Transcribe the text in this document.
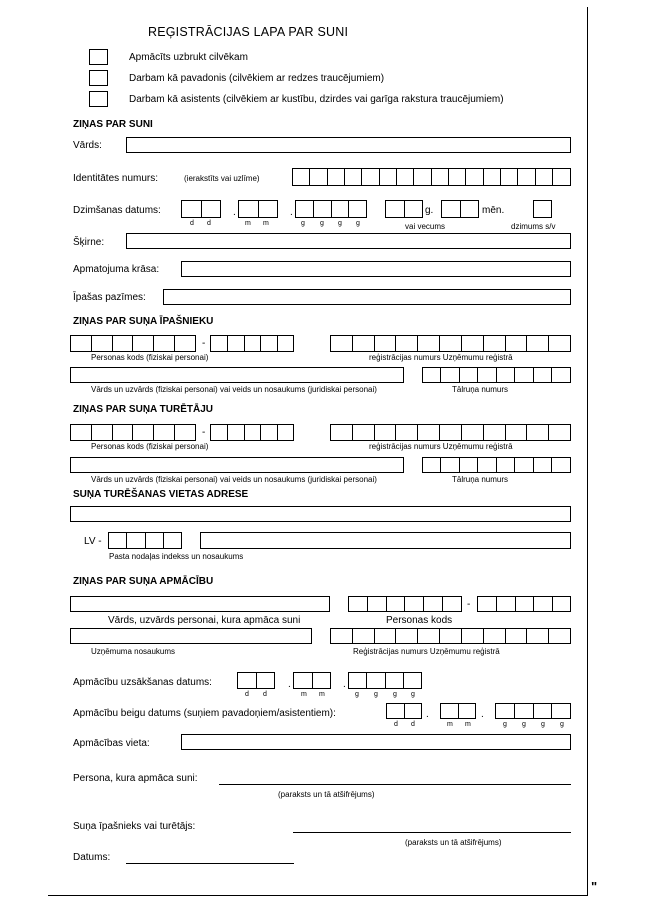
REĢISTRĀCIJAS LAPA PAR SUNI
Apmācīts uzbrukt cilvēkam
Darbam kā pavadonis (cilvēkiem ar redzes traucējumiem)
Darbam kā asistents (cilvēkiem ar kustību, dzirdes vai garīga rakstura traucējumiem)
ZIŅAS PAR SUNI
Vārds:
Identitātes numurs:	(ierakstīts vai uzlīme)
Dzimšanas datums:	.	.
d d	m m	g g g g
g.	mēn.
vai vecums	dzimums s/v
Šķirne:
Apmatojuma krāsa:
Īpašas pazīmes:
ZIŅAS PAR SUŅA ĪPAŠNIEKU
-
Personas kods (fiziskai personai)	reģistrācijas numurs Uzņēmumu reģistrā
Vārds un uzvārds (fiziskai personai) vai veids un nosaukums (juridiskai personai)	Tālruņa numurs
ZIŅAS PAR SUŅA TURĒTĀJU
-
Personas kods (fiziskai personai)	reģistrācijas numurs Uzņēmumu reģistrā
Vārds un uzvārds (fiziskai personai) vai veids un nosaukums (juridiskai personai)	Tālruņa numurs
SUŅA TURĒŠANAS VIETAS ADRESE
LV -
Pasta nodaļas indekss un nosaukums
ZIŅAS PAR SUŅA APMĀCĪBU
-
Vārds, uzvārds personai, kura apmāca suni	Personas kods
Uzņēmuma nosaukums	Reģistrācijas numurs Uzņēmumu reģistrā
Apmācību uzsākšanas datums:	.	.
d d	m m	g g g g
Apmācību beigu datums (suņiem pavadoņiem/asistentiem):	.	.
d d	m m	g g g g
Apmācības vieta:
Persona, kura apmāca suni:
(paraksts un tā atšifrējums)
Suņa īpašnieks vai turētājs:
(paraksts un tā atšifrējums)
Datums:
"
